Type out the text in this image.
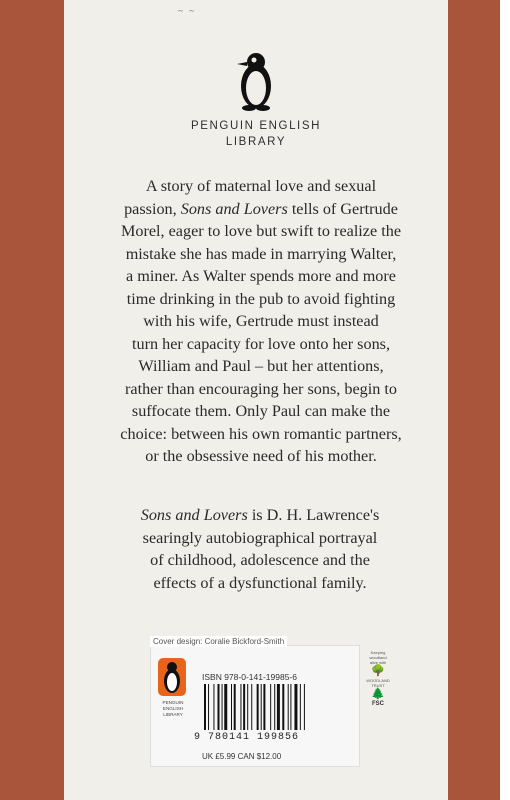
~ ~
PENGUIN ENGLISH
LIBRARY

A story of maternal love and sexual

passion, Sons and Lovers tells of Gertrude

Morel, eager to love but swift to realize the

mistake she has made in marrying Walter,

a miner. As Walter spends more and more

time drinking in the pub to avoid fighting

with his wife, Gertrude must instead

turn her capacity for love onto her sons,

William and Paul – but her attentions,

rather than encouraging her sons, begin to

suffocate them. Only Paul can make the

choice: between his own romantic partners,

or the obsessive need of his mother.

Sons and Lovers is D. H. Lawrence's

searingly autobiographical portrayal

of childhood, adolescence and the

effects of a dysfunctional family.

Cover design: Coralie Bickford-Smith
PENGUIN
ENGLISH
LIBRARY
ISBN 978-0-141-19985-6
9 780141 199856
UK £5.99 CAN $12.00
Keeping
woodland
alive with
🌳
WOODLAND
TRUST
🌲
FSC
